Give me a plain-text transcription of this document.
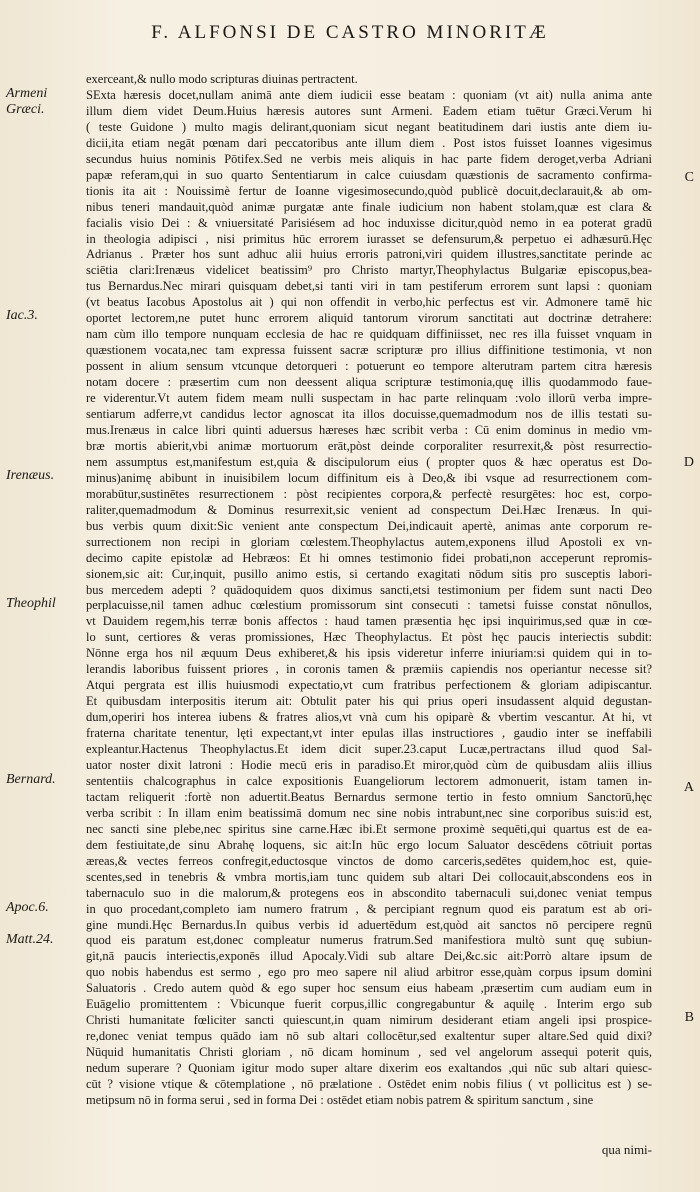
F. ALFONSI DE CASTRO MINORITÆ
Armeni
Græci.
Iac.3.
Irenæus.
Theophil
Bernard.
Apoc.6.
Matt.24.
C
D
A
B
exerceant,& nullo modo scripturas diuinas pertractent.
SExta hæresis docet,nullam animā ante diem iudicii esse beatam : quoniam (vt ait) nulla anima ante
illum diem videt Deum.Huius hæresis autores sunt Armeni. Eadem etiam tuētur Græci.Verum hi
( teste Guidone ) multo magis delirant,quoniam sicut negant beatitudinem dari iustis ante diem iu-
dicii,ita etiam negāt pœnam dari peccatoribus ante illum diem . Post istos fuisset Ioannes vigesimus
secundus huius nominis Pōtifex.Sed ne verbis meis aliquis in hac parte fidem deroget,verba Adriani
papæ referam,qui in suo quarto Sententiarum in calce cuiusdam quæstionis de sacramento confirma-
tionis ita ait : Nouissimè fertur de Ioanne vigesimosecundo,quòd publicè docuit,declarauit,& ab om-
nibus teneri mandauit,quòd animæ purgatæ ante finale iudicium non habent stolam,quæ est clara &
facialis visio Dei : & vniuersitaté Parisiésem ad hoc induxisse dicitur,quòd nemo in ea poterat gradū
in theologia adipisci , nisi primitus hūc errorem iurasset se defensurum,& perpetuo ei adhæsurū.Hęc
Adrianus . Præter hos sunt adhuc alii huius erroris patroni,viri quidem illustres,sanctitate perinde ac
sciētia clari:Irenæus videlicet beatissim⁹ pro Christo martyr,Theophylactus Bulgariæ episcopus,bea-
tus Bernardus.Nec mirari quisquam debet,si tanti viri in tam pestiferum errorem sunt lapsi : quoniam
(vt beatus Iacobus Apostolus ait ) qui non offendit in verbo,hic perfectus est vir. Admonere tamē hic
oportet lectorem,ne putet hunc errorem aliquid tantorum virorum sanctitati aut doctrinæ detrahere:
nam cùm illo tempore nunquam ecclesia de hac re quidquam diffiniisset, nec res illa fuisset vnquam in
quæstionem vocata,nec tam expressa fuissent sacræ scripturæ pro illius diffinitione testimonia, vt non
possent in alium sensum vtcunque detorqueri : potuerunt eo tempore alterutram partem citra hæresis
notam docere : præsertim cum non deessent aliqua scripturæ testimonia,quę illis quodammodo faue-
re viderentur.Vt autem fidem meam nulli suspectam in hac parte relinquam :volo illorū verba impre-
sentiarum adferre,vt candidus lector agnoscat ita illos docuisse,quemadmodum nos de illis testati su-
mus.Irenæus in calce libri quinti aduersus hæreses hæc scribit verba : Cū enim dominus in medio vm-
bræ mortis abierit,vbi animæ mortuorum erāt,pòst deinde corporaliter resurrexit,& pòst resurrectio-
nem assumptus est,manifestum est,quia & discipulorum eius ( propter quos & hæc operatus est Do-
minus)animę abibunt in inuisibilem locum diffinitum eis à Deo,& ibi vsque ad resurrectionem com-
morabūtur,sustinētes resurrectionem : pòst recipientes corpora,& perfectè resurgētes: hoc est, corpo-
raliter,quemadmodum & Dominus resurrexit,sic venient ad conspectum Dei.Hæc Irenæus. In qui-
bus verbis quum dixit:Sic venient ante conspectum Dei,indicauit apertè, animas ante corporum re-
surrectionem non recipi in gloriam cœlestem.Theophylactus autem,exponens illud Apostoli ex vn-
decimo capite epistolæ ad Hebræos: Et hi omnes testimonio fidei probati,non acceperunt repromis-
sionem,sic ait: Cur,inquit, pusillo animo estis, si certando exagitati nōdum sitis pro susceptis labori-
bus mercedem adepti ? quādoquidem quos diximus sancti,etsi testimonium per fidem sunt nacti Deo
perplacuisse,nil tamen adhuc cœlestium promissorum sint consecuti : tametsi fuisse constat nōnullos,
vt Dauidem regem,his terræ bonis affectos : haud tamen præsentia hęc ipsi inquirimus,sed quæ in cœ-
lo sunt, certiores & veras promissiones, Hæc Theophylactus. Et pòst hęc paucis interiectis subdit:
Nōnne erga hos nil æquum Deus exhiberet,& his ipsis videretur inferre iniuriam:si quidem qui in to-
lerandis laboribus fuissent priores , in coronis tamen & præmiis capiendis nos operiantur necesse sit?
Atqui pergrata est illis huiusmodi expectatio,vt cum fratribus perfectionem & gloriam adipiscantur.
Et quibusdam interpositis iterum ait: Obtulit pater his qui prius operi insudassent alquid degustan-
dum,operiri hos interea iubens & fratres alios,vt vnà cum his opiparè & vbertim vescantur. At hi, vt
fraterna charitate tenentur, lęti expectant,vt inter epulas illas instructiores , gaudio inter se ineffabili
expleantur.Hactenus Theophylactus.Et idem dicit super.23.caput Lucæ,pertractans illud quod Sal-
uator noster dixit latroni : Hodie mecū eris in paradiso.Et miror,quòd cùm de quibusdam aliis illius
sententiis chalcographus in calce expositionis Euangeliorum lectorem admonuerit, istam tamen in-
tactam reliquerit :fortè non aduertit.Beatus Bernardus sermone tertio in festo omnium Sanctorū,hęc
verba scribit : In illam enim beatissimā domum nec sine nobis intrabunt,nec sine corporibus suis:id est,
nec sancti sine plebe,nec spiritus sine carne.Hæc ibi.Et sermone proximè sequēti,qui quartus est de ea-
dem festiuitate,de sinu Abrahę loquens, sic ait:In hūc ergo locum Saluator descēdens cōtriuit portas
æreas,& vectes ferreos confregit,eductosque vinctos de domo carceris,sedētes quidem,hoc est, quie-
scentes,sed in tenebris & vmbra mortis,iam tunc quidem sub altari Dei collocauit,abscondens eos in
tabernaculo suo in die malorum,& protegens eos in abscondito tabernaculi sui,donec veniat tempus
in quo procedant,completo iam numero fratrum , & percipiant regnum quod eis paratum est ab ori-
gine mundi.Hęc Bernardus.In quibus verbis id aduertēdum est,quòd ait sanctos nō percipere regnū
quod eis paratum est,donec compleatur numerus fratrum.Sed manifestiora multò sunt quę subiun-
git,nā paucis interiectis,exponēs illud Apocaly.Vidi sub altare Dei,&c.sic ait:Porrò altare ipsum de
quo nobis habendus est sermo , ego pro meo sapere nil aliud arbitror esse,quàm corpus ipsum domini
Saluatoris . Credo autem quòd & ego super hoc sensum eius habeam ,præsertim cum audiam eum in
Euāgelio promittentem : Vbicunque fuerit corpus,illic congregabuntur & aquilę . Interim ergo sub
Christi humanitate fœliciter sancti quiescunt,in quam nimirum desiderant etiam angeli ipsi prospice-
re,donec veniat tempus quādo iam nō sub altari collocētur,sed exaltentur super altare.Sed quid dixi?
Nūquid humanitatis Christi gloriam , nō dicam hominum , sed vel angelorum assequi poterit quis,
nedum superare ? Quoniam igitur modo super altare dixerim eos exaltandos ,qui nūc sub altari quiesc-
cūt ? visione vtique & cōtemplatione , nō prælatione . Ostēdet enim nobis filius ( vt pollicitus est ) se-
metipsum nō in forma serui , sed in forma Dei : ostēdet etiam nobis patrem & spiritum sanctum , sine
qua nimi-
